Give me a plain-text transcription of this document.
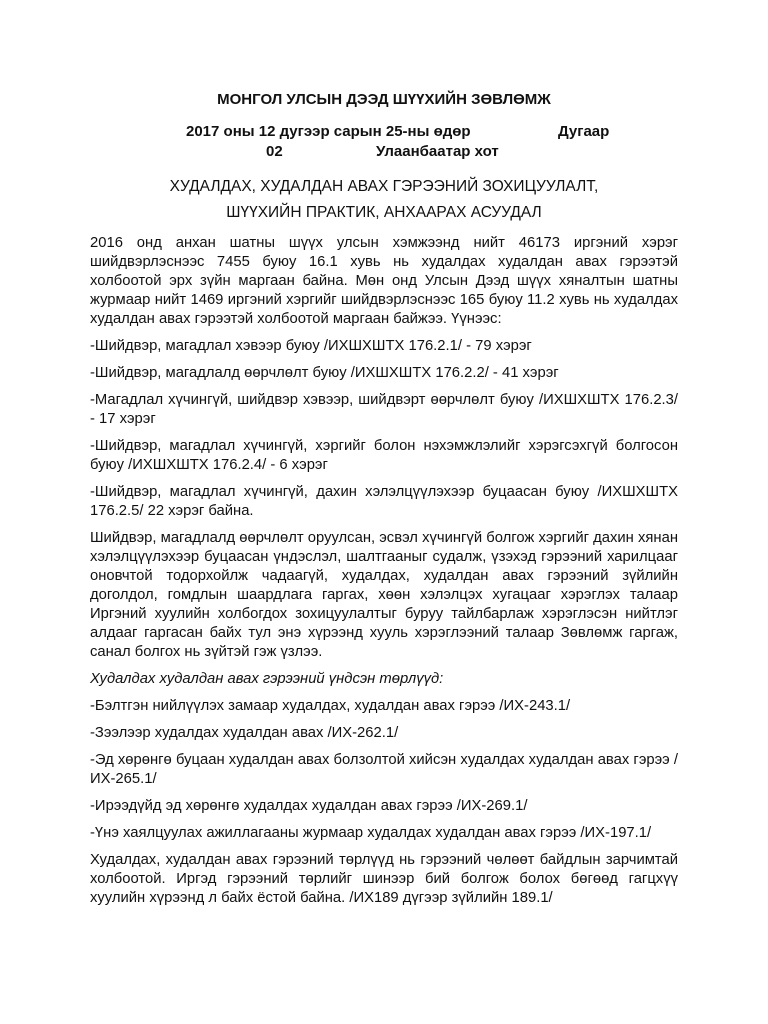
МОНГОЛ УЛСЫН ДЭЭД ШҮҮХИЙН ЗӨВЛӨМЖ

2017 оны 12 дугээр сарын 25-ны өдөр	Дугаар
02	Улаанбаатар хот

ХУДАЛДАХ, ХУДАЛДАН АВАХ ГЭРЭЭНИЙ ЗОХИЦУУЛАЛТ,

ШҮҮХИЙН ПРАКТИК, АНХААРАХ АСУУДАЛ

2016 онд анхан шатны шүүх улсын хэмжээнд нийт 46173 иргэний хэрэг шийдвэрлэснээс 7455 буюу 16.1 хувь нь худалдах худалдан авах гэрээтэй холбоотой эрх зүйн маргаан байна. Мөн онд Улсын Дээд шүүх хяналтын шатны журмаар нийт 1469 иргэний хэргийг шийдвэрлэснээс 165 буюу 11.2 хувь нь худалдах худалдан авах гэрээтэй холбоотой маргаан байжээ. Үүнээс:

-Шийдвэр, магадлал хэвээр буюу /ИХШХШТХ 176.2.1/ - 79 хэрэг

-Шийдвэр, магадлалд өөрчлөлт буюу /ИХШХШТХ 176.2.2/ - 41 хэрэг

-Магадлал хүчингүй, шийдвэр хэвээр, шийдвэрт өөрчлөлт буюу /ИХШХШТХ 176.2.3/ - 17 хэрэг

-Шийдвэр, магадлал хүчингүй, хэргийг болон нэхэмжлэлийг хэрэгсэхгүй болгосон буюу /ИХШХШТХ 176.2.4/ - 6 хэрэг

-Шийдвэр, магадлал хүчингүй, дахин хэлэлцүүлэхээр буцаасан буюу /ИХШХШТХ 176.2.5/ 22 хэрэг байна.

Шийдвэр, магадлалд өөрчлөлт оруулсан, эсвэл хүчингүй болгож хэргийг дахин хянан хэлэлцүүлэхээр буцаасан үндэслэл, шалтгааныг судалж, үзэхэд гэрээний харилцааг оновчтой тодорхойлж чадаагүй, худалдах, худалдан авах гэрээний зүйлийн доголдол, гомдлын шаардлага гаргах, хөөн хэлэлцэх хугацааг хэрэглэх талаар Иргэний хуулийн холбогдох зохицуулалтыг буруу тайлбарлаж хэрэглэсэн нийтлэг алдааг гаргасан байх тул энэ хүрээнд хууль хэрэглээний талаар Зөвлөмж гаргаж, санал болгох нь зүйтэй гэж үзлээ.

Худалдах худалдан авах гэрээний үндсэн төрлүүд:

-Бэлтгэн нийлүүлэх замаар худалдах, худалдан авах гэрээ /ИХ-243.1/

-Зээлээр худалдах худалдан авах /ИХ-262.1/

-Эд хөрөнгө буцаан худалдан авах болзолтой хийсэн худалдах худалдан авах гэрээ /ИХ-265.1/

-Ирээдүйд эд хөрөнгө худалдах худалдан авах гэрээ /ИХ-269.1/

-Үнэ хаялцуулах ажиллагааны журмаар худалдах худалдан авах гэрээ /ИХ-197.1/

Худалдах, худалдан авах гэрээний төрлүүд нь гэрээний чөлөөт байдлын зарчимтай холбоотой. Иргэд гэрээний төрлийг шинээр бий болгож болох бөгөөд гагцхүү хуулийн хүрээнд л байх ёстой байна. /ИХ189 дүгээр зүйлийн 189.1/
